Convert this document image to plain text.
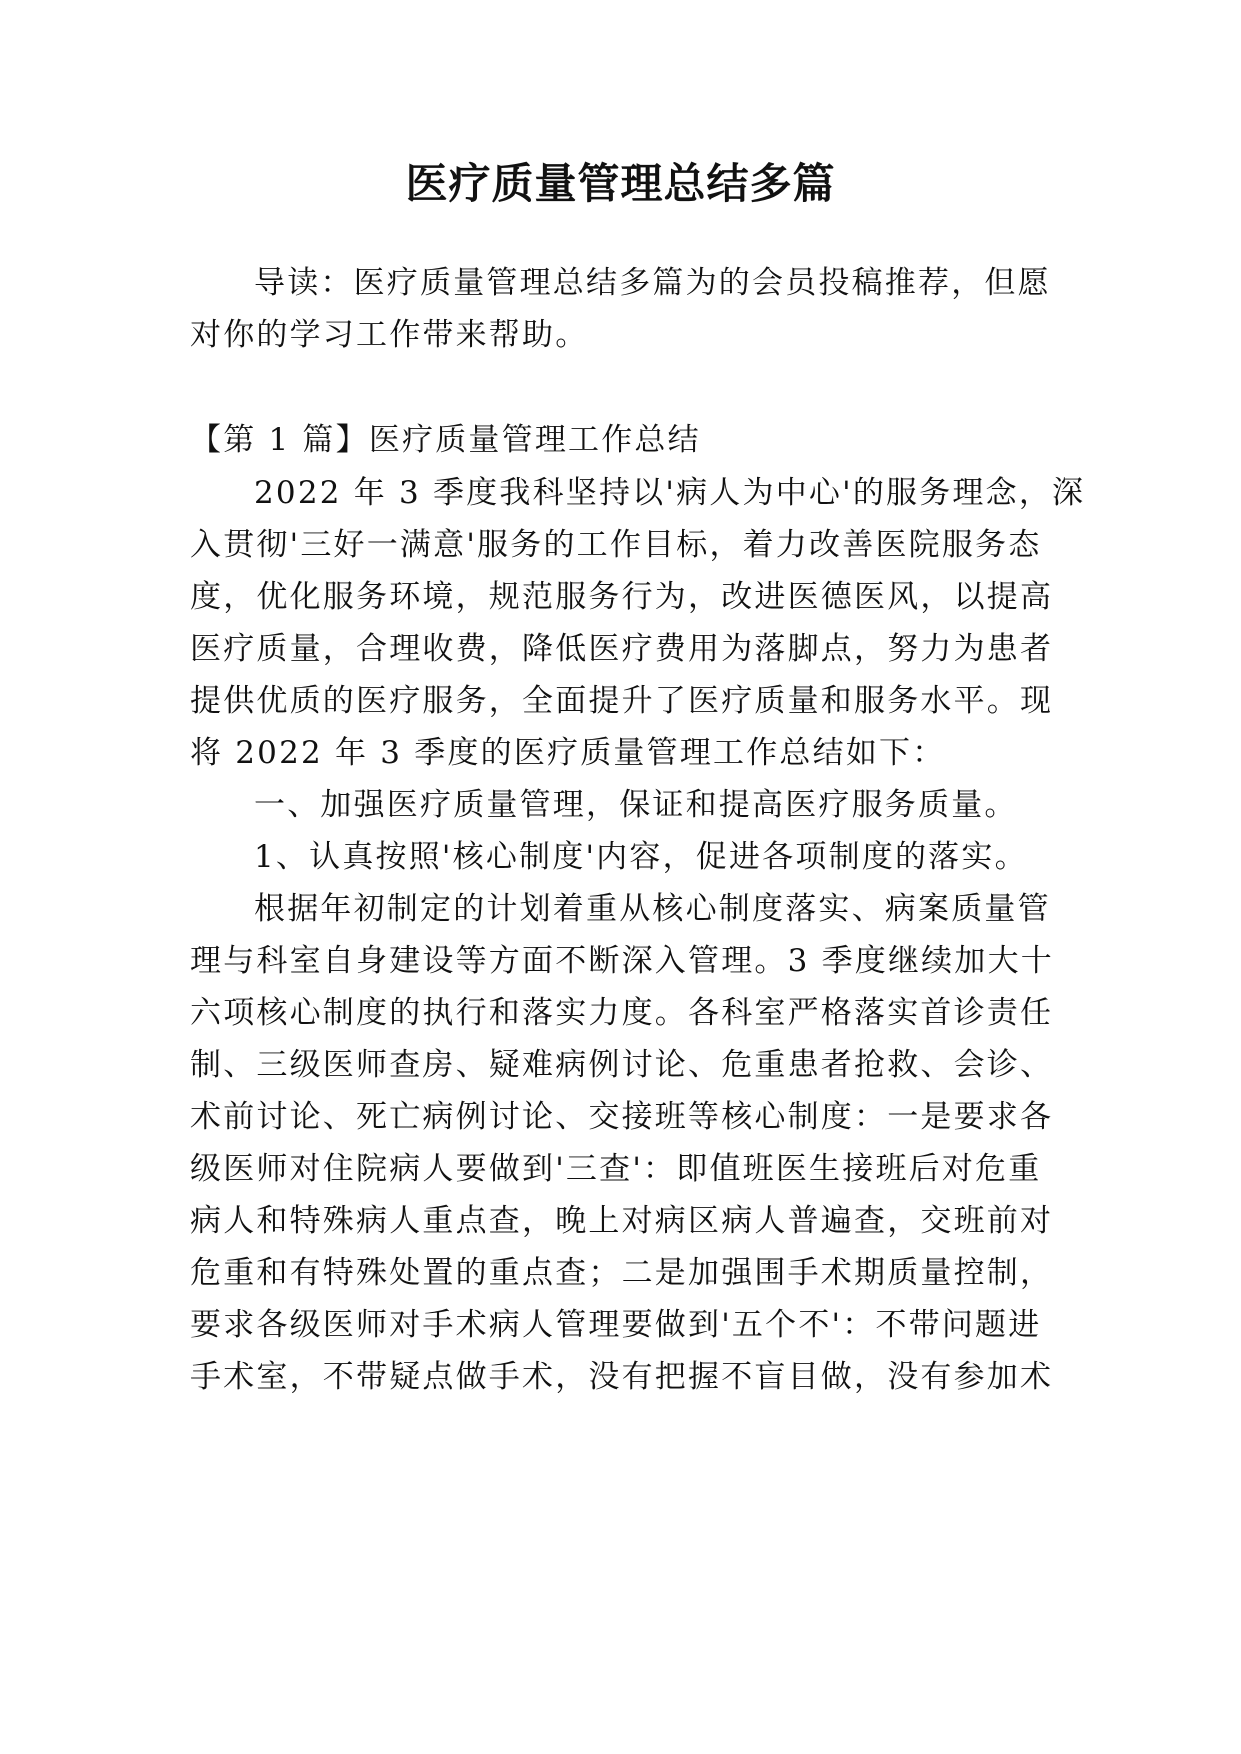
医疗质量管理总结多篇

导读：医疗质量管理总结多篇为的会员投稿推荐，但愿

对你的学习工作带来帮助。

【第 1 篇】医疗质量管理工作总结

2022 年 3 季度我科坚持以'病人为中心'的服务理念，深

入贯彻'三好一满意'服务的工作目标，着力改善医院服务态

度，优化服务环境，规范服务行为，改进医德医风，以提高

医疗质量，合理收费，降低医疗费用为落脚点，努力为患者

提供优质的医疗服务，全面提升了医疗质量和服务水平。现

将 2022 年 3 季度的医疗质量管理工作总结如下：

一、加强医疗质量管理，保证和提高医疗服务质量。

1、认真按照'核心制度'内容，促进各项制度的落实。

根据年初制定的计划着重从核心制度落实、病案质量管

理与科室自身建设等方面不断深入管理。3 季度继续加大十

六项核心制度的执行和落实力度。各科室严格落实首诊责任

制、三级医师查房、疑难病例讨论、危重患者抢救、会诊、

术前讨论、死亡病例讨论、交接班等核心制度：一是要求各

级医师对住院病人要做到'三查'：即值班医生接班后对危重

病人和特殊病人重点查，晚上对病区病人普遍查，交班前对

危重和有特殊处置的重点查；二是加强围手术期质量控制，

要求各级医师对手术病人管理要做到'五个不'：不带问题进

手术室，不带疑点做手术，没有把握不盲目做，没有参加术
